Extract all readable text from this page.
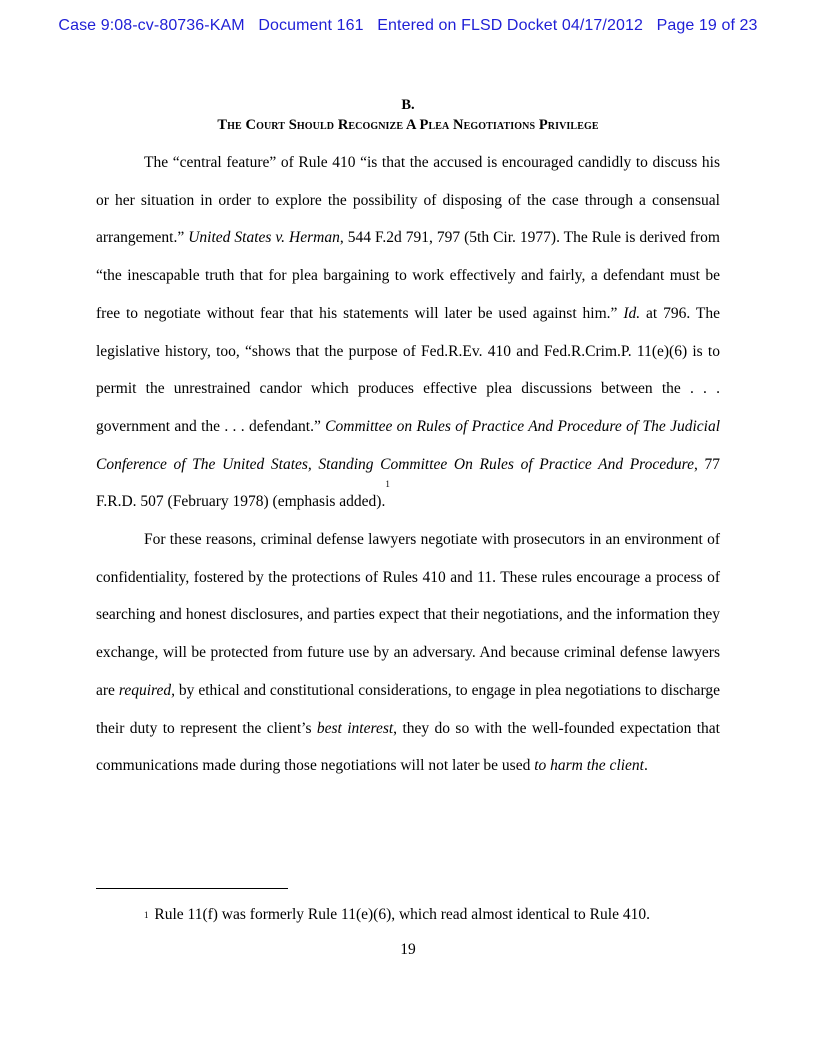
Case 9:08-cv-80736-KAM Document 161 Entered on FLSD Docket 04/17/2012 Page 19 of 23
B.
The Court Should Recognize A Plea Negotiations Privilege

The “central feature” of Rule 410 “is that the accused is encouraged candidly to discuss his or her situation in order to explore the possibility of disposing of the case through a consensual arrangement.” United States v. Herman, 544 F.2d 791, 797 (5th Cir. 1977). The Rule is derived from “the inescapable truth that for plea bargaining to work effectively and fairly, a defendant must be free to negotiate without fear that his statements will later be used against him.” Id. at 796. The legislative history, too, “shows that the purpose of Fed.R.Ev. 410 and Fed.R.Crim.P. 11(e)(6) is to permit the unrestrained candor which produces effective plea discussions between the . . . government and the . . . defendant.” Committee on Rules of Practice And Procedure of The Judicial Conference of The United States, Standing Committee On Rules of Practice And Procedure, 77 F.R.D. 507 (February 1978) (emphasis added).$^1$

For these reasons, criminal defense lawyers negotiate with prosecutors in an environment of confidentiality, fostered by the protections of Rules 410 and 11. These rules encourage a process of searching and honest disclosures, and parties expect that their negotiations, and the information they exchange, will be protected from future use by an adversary. And because criminal defense lawyers are required, by ethical and constitutional considerations, to engage in plea negotiations to discharge their duty to represent the client’s best interest, they do so with the well-founded expectation that communications made during those negotiations will not later be used to harm the client.

$^1$ Rule 11(f) was formerly Rule 11(e)(6), which read almost identical to Rule 410.
19
